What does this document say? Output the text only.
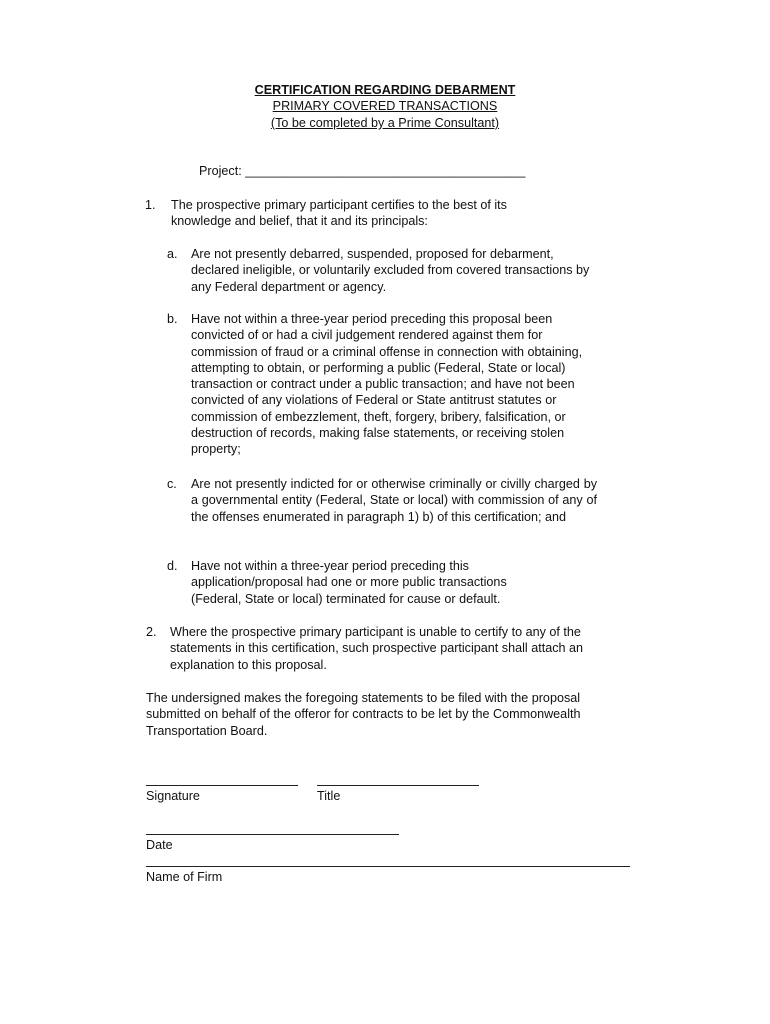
CERTIFICATION REGARDING DEBARMENT
PRIMARY COVERED TRANSACTIONS
(To be completed by a Prime Consultant)
Project: ________________________________________
1.	The prospective primary participant certifies to the best of its knowledge and belief, that it and its principals:
a.	Are not presently debarred, suspended, proposed for debarment, declared ineligible, or voluntarily excluded from covered transactions by any Federal department or agency.
b.	Have not within a three-year period preceding this proposal been convicted of or had a civil judgement rendered against them for commission of fraud or a criminal offense in connection with obtaining, attempting to obtain, or performing a public (Federal, State or local) transaction or contract under a public transaction; and have not been convicted of any violations of Federal or State antitrust statutes or commission of embezzlement, theft, forgery, bribery, falsification, or destruction of records, making false statements, or receiving stolen property;
c.	Are not presently indicted for or otherwise criminally or civilly charged by a governmental entity (Federal, State or local) with commission of any of the offenses enumerated in paragraph 1) b) of this certification; and
d.	Have not within a three-year period preceding this application/proposal had one or more public transactions (Federal, State or local) terminated for cause or default.
2.	Where the prospective primary participant is unable to certify to any of the statements in this certification, such prospective participant shall attach an explanation to this proposal.
The undersigned makes the foregoing statements to be filed with the proposal submitted on behalf of the offeror for contracts to be let by the Commonwealth Transportation Board.
Signature	Title
Date
Name of Firm
